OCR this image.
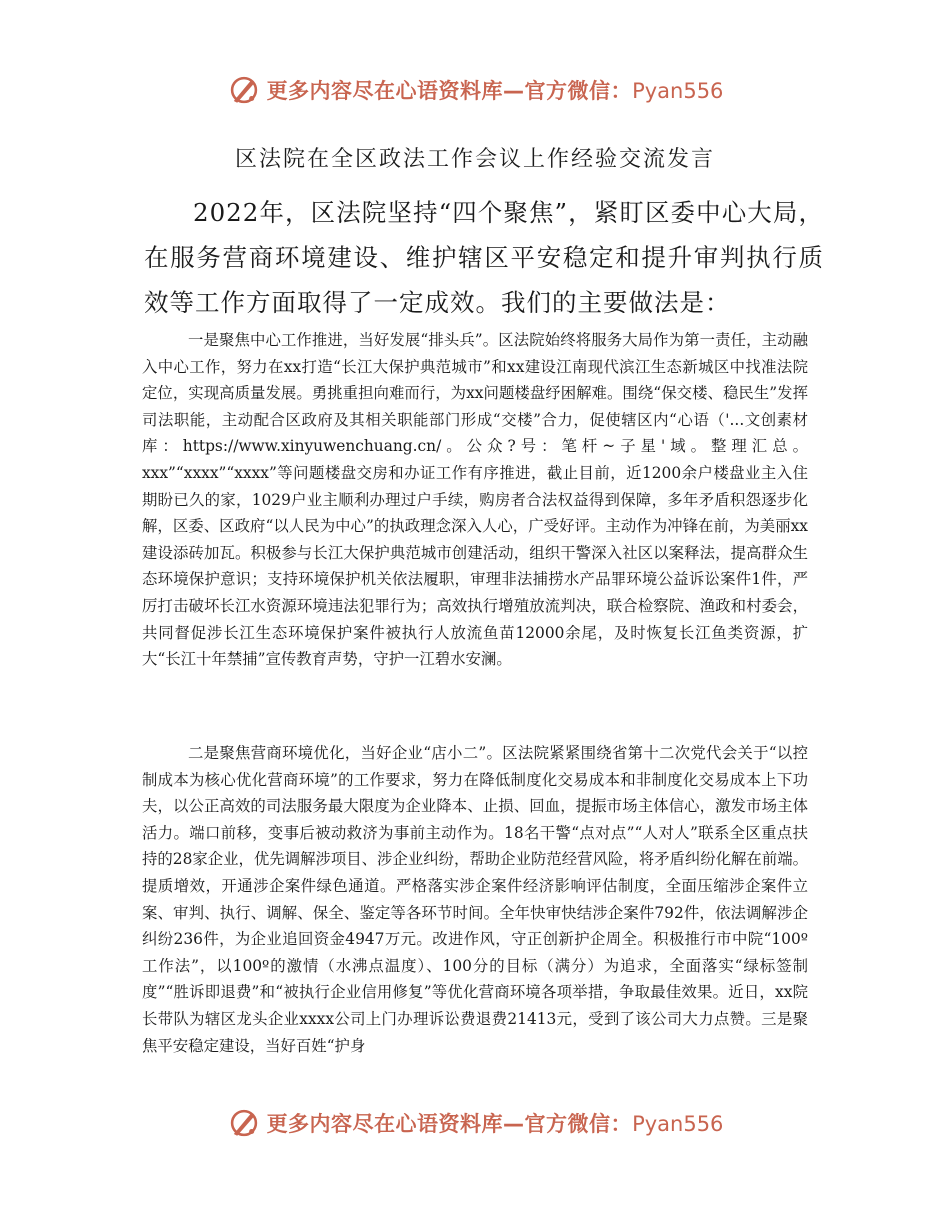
更多内容尽在心语资料库—官方微信：Pyan556
区法院在全区政法工作会议上作经验交流发言

2022年，区法院坚持“四个聚焦”，紧盯区委中心大局，在服务营商环境建设、维护辖区平安稳定和提升审判执行质效等工作方面取得了一定成效。我们的主要做法是：

一是聚焦中心工作推进，当好发展“排头兵”。区法院始终将服务大局作为第一责任，主动融入中心工作，努力在xx打造“长江大保护典范城市”和xx建设江南现代滨江生态新城区中找准法院定位，实现高质量发展。勇挑重担向难而行，为xx问题楼盘纾困解难。围绕“保交楼、稳民生”发挥司法职能，主动配合区政府及其相关职能部门形成“交楼”合力，促使辖区内“心语（'...文创素材库：https://www.xinyuwenchuang.cn/。公众?号：笔杆~子星'域。整理汇总。xxx”“xxxx”“xxxx”等问题楼盘交房和办证工作有序推进，截止目前，近1200余户楼盘业主入住期盼已久的家，1029户业主顺利办理过户手续，购房者合法权益得到保障，多年矛盾积怨逐步化解，区委、区政府“以人民为中心”的执政理念深入人心，广受好评。主动作为冲锋在前，为美丽xx建设添砖加瓦。积极参与长江大保护典范城市创建活动，组织干警深入社区以案释法，提高群众生态环境保护意识；支持环境保护机关依法履职，审理非法捕捞水产品罪环境公益诉讼案件1件，严厉打击破坏长江水资源环境违法犯罪行为；高效执行增殖放流判决，联合检察院、渔政和村委会，共同督促涉长江生态环境保护案件被执行人放流鱼苗12000余尾，及时恢复长江鱼类资源，扩大“长江十年禁捕”宣传教育声势，守护一江碧水安澜。

二是聚焦营商环境优化，当好企业“店小二”。区法院紧紧围绕省第十二次党代会关于“以控制成本为核心优化营商环境”的工作要求，努力在降低制度化交易成本和非制度化交易成本上下功夫，以公正高效的司法服务最大限度为企业降本、止损、回血，提振市场主体信心，激发市场主体活力。端口前移，变事后被动救济为事前主动作为。18名干警“点对点”“人对人”联系全区重点扶持的28家企业，优先调解涉项目、涉企业纠纷，帮助企业防范经营风险，将矛盾纠纷化解在前端。提质增效，开通涉企案件绿色通道。严格落实涉企案件经济影响评估制度，全面压缩涉企案件立案、审判、执行、调解、保全、鉴定等各环节时间。全年快审快结涉企案件792件，依法调解涉企纠纷236件，为企业追回资金4947万元。改进作风，守正创新护企周全。积极推行市中院“100º工作法”，以100º的激情（水沸点温度）、100分的目标（满分）为追求，全面落实“绿标签制度”“胜诉即退费”和“被执行企业信用修复”等优化营商环境各项举措，争取最佳效果。近日，xx院长带队为辖区龙头企业xxxx公司上门办理诉讼费退费21413元，受到了该公司大力点赞。三是聚焦平安稳定建设，当好百姓“护身

更多内容尽在心语资料库—官方微信：Pyan556
